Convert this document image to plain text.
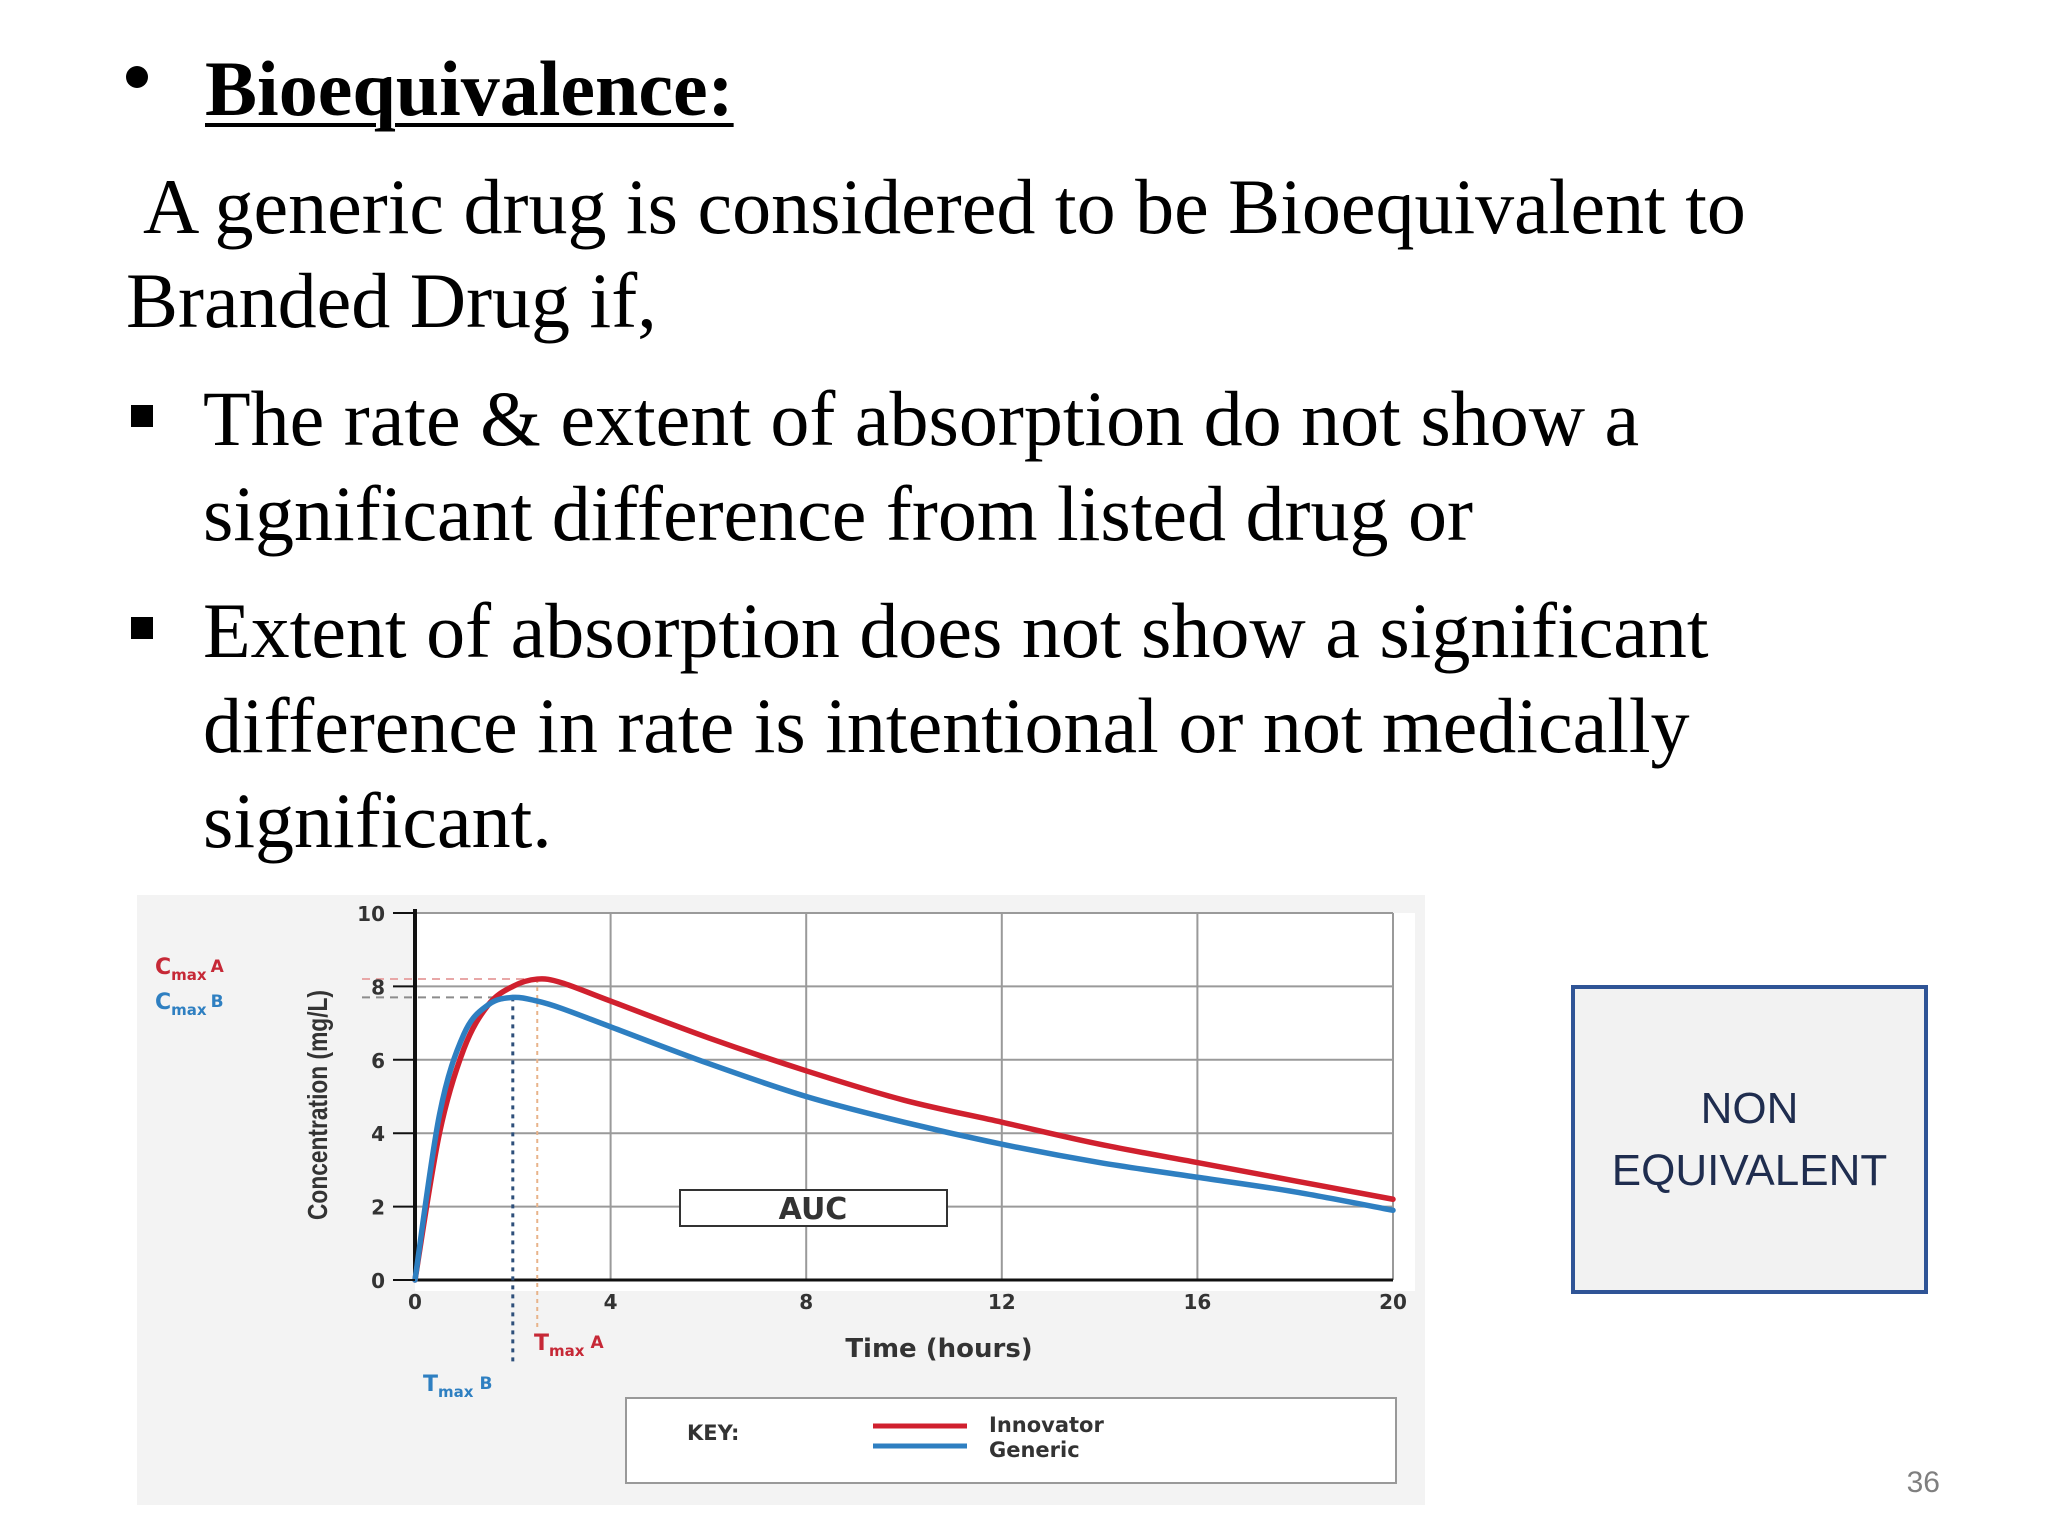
Bioequivalence:
A generic drug is considered to be Bioequivalent to
Branded Drug if,
The rate & extent of absorption do not show a
significant difference from listed drug or
Extent of absorption does not show a significant
difference in rate is intentional or not medically
significant.
0
2
4
6
8
10
0	4	8	12	16	20
AUC
Time (hours)
Concentration (mg/L)
Cmax A
Cmax B
Tmax A
Tmax B
KEY:	Innovator
Generic
NON
EQUIVALENT
36
